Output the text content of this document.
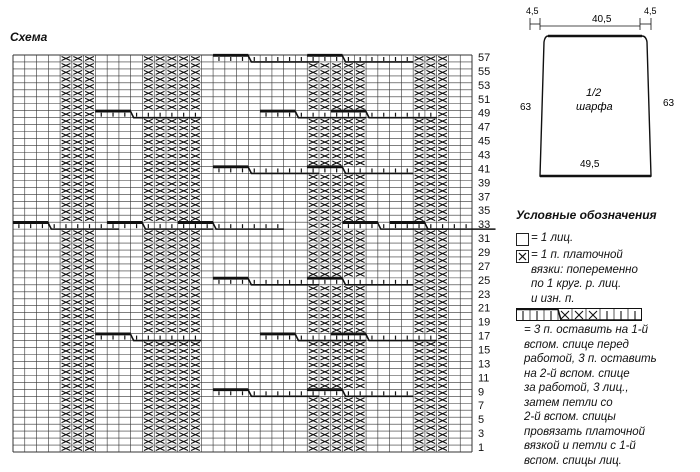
Схема
57
55
53
51
49
47
45
43
41
39
37
35
33
31
29
27
25
23
21
19
17
15
13
11
9
7
5
3
1
4,5
40,5
4,5
63	63
1/2
шарфа
49,5
Условные обозначения
= 1 лиц.
= 1 п. платочной
вязки: попеременно
по 1 круг. р. лиц.
и изн. п.
= 3 п. оставить на 1-й
вспом. спице перед
работой, 3 п. оставить
на 2-й вспом. спице
за работой, 3 лиц.,
затем петли со
2-й вспом. спицы
провязать платочной
вязкой и петли с 1-й
вспом. спицы лиц.
